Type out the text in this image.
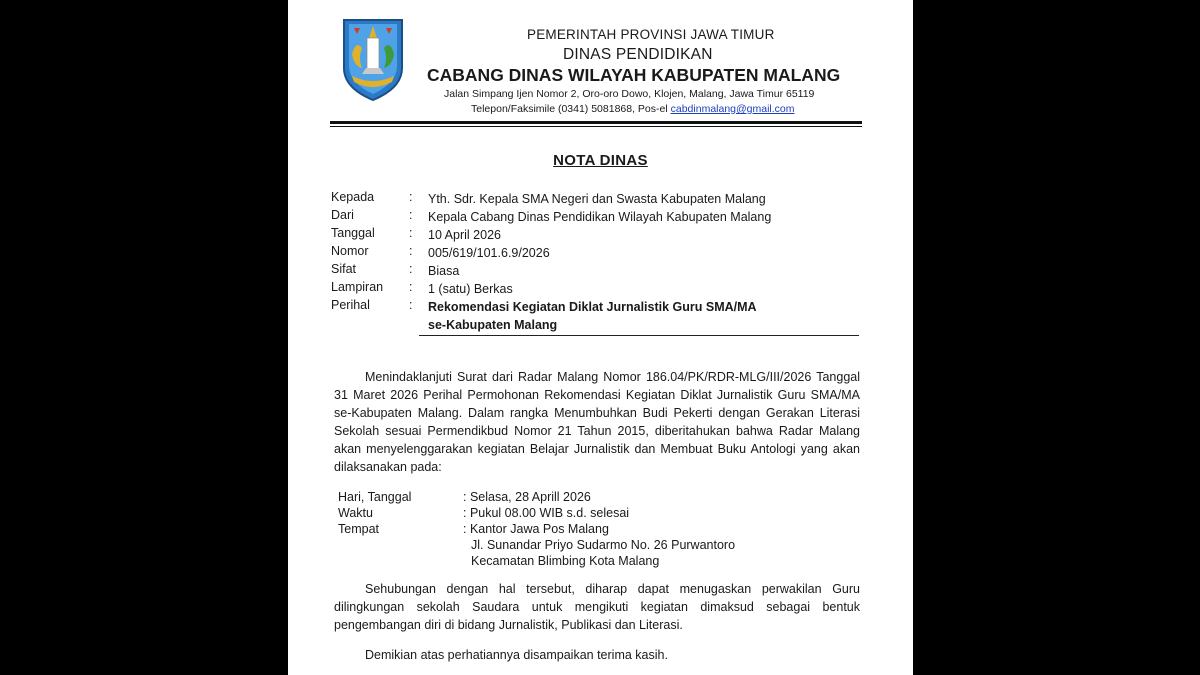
PEMERINTAH PROVINSI JAWA TIMUR
DINAS PENDIDIKAN
CABANG DINAS WILAYAH KABUPATEN MALANG
Jalan Simpang Ijen Nomor 2, Oro-oro Dowo, Klojen, Malang, Jawa Timur 65119
Telepon/Faksimile (0341) 5081868, Pos-el cabdinmalang@gmail.com
NOTA DINAS
Kepada	:	Yth. Sdr. Kepala SMA Negeri dan Swasta Kabupaten Malang
Dari	:	Kepala Cabang Dinas Pendidikan Wilayah Kabupaten Malang
Tanggal	:	10 April 2026
Nomor	:	005/619/101.6.9/2026
Sifat	:	Biasa
Lampiran	:	1 (satu) Berkas
Perihal	:	Rekomendasi Kegiatan Diklat Jurnalistik Guru SMA/MA
se-Kabupaten Malang

Menindaklanjuti Surat dari Radar Malang Nomor 186.04/PK/RDR-MLG/III/2026 Tanggal 31 Maret 2026 Perihal Permohonan Rekomendasi Kegiatan Diklat Jurnalistik Guru SMA/MA se-Kabupaten Malang. Dalam rangka Menumbuhkan Budi Pekerti dengan Gerakan Literasi Sekolah sesuai Permendikbud Nomor 21 Tahun 2015, diberitahukan bahwa Radar Malang akan menyelenggarakan kegiatan Belajar Jurnalistik dan Membuat Buku Antologi yang akan dilaksanakan pada:

Hari, Tanggal	: Selasa, 28 Aprill 2026
Waktu	: Pukul 08.00 WIB s.d. selesai
Tempat	: Kantor Jawa Pos Malang
Jl. Sunandar Priyo Sudarmo No. 26 Purwantoro
Kecamatan Blimbing Kota Malang

Sehubungan dengan hal tersebut, diharap dapat menugaskan perwakilan Guru dilingkungan sekolah Saudara untuk mengikuti kegiatan dimaksud sebagai bentuk pengembangan diri di bidang Jurnalistik, Publikasi dan Literasi.

Demikian atas perhatiannya disampaikan terima kasih.
